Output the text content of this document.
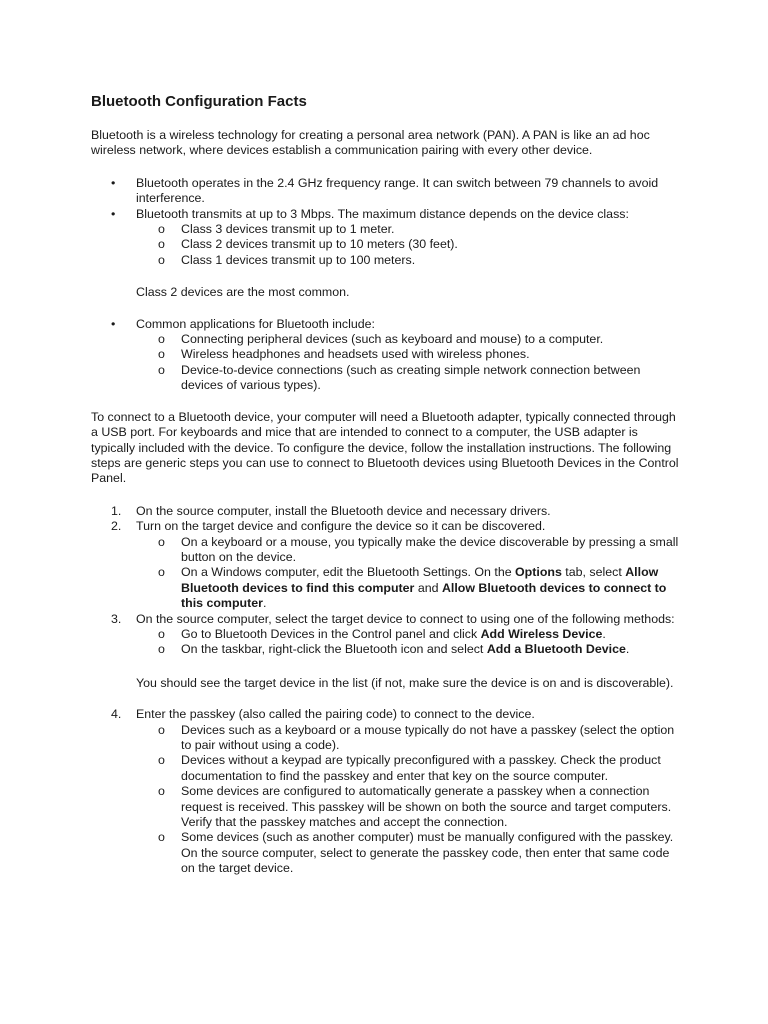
Bluetooth Configuration Facts

Bluetooth is a wireless technology for creating a personal area network (PAN). A PAN is like an ad hoc wireless network, where devices establish a communication pairing with every other device.

• Bluetooth operates in the 2.4 GHz frequency range. It can switch between 79 channels to avoid interference.
• Bluetooth transmits at up to 3 Mbps. The maximum distance depends on the device class:
o Class 3 devices transmit up to 1 meter.
o Class 2 devices transmit up to 10 meters (30 feet).
o Class 1 devices transmit up to 100 meters.

Class 2 devices are the most common.

• Common applications for Bluetooth include:
o Connecting peripheral devices (such as keyboard and mouse) to a computer.
o Wireless headphones and headsets used with wireless phones.
o Device-to-device connections (such as creating simple network connection between devices of various types).

To connect to a Bluetooth device, your computer will need a Bluetooth adapter, typically connected through a USB port. For keyboards and mice that are intended to connect to a computer, the USB adapter is typically included with the device. To configure the device, follow the installation instructions. The following steps are generic steps you can use to connect to Bluetooth devices using Bluetooth Devices in the Control Panel.

1. On the source computer, install the Bluetooth device and necessary drivers.
2. Turn on the target device and configure the device so it can be discovered.
o On a keyboard or a mouse, you typically make the device discoverable by pressing a small button on the device.
o On a Windows computer, edit the Bluetooth Settings. On the Options tab, select Allow Bluetooth devices to find this computer and Allow Bluetooth devices to connect to this computer.
3. On the source computer, select the target device to connect to using one of the following methods:
o Go to Bluetooth Devices in the Control panel and click Add Wireless Device.
o On the taskbar, right-click the Bluetooth icon and select Add a Bluetooth Device.

You should see the target device in the list (if not, make sure the device is on and is discoverable).

4. Enter the passkey (also called the pairing code) to connect to the device.
o Devices such as a keyboard or a mouse typically do not have a passkey (select the option to pair without using a code).
o Devices without a keypad are typically preconfigured with a passkey. Check the product documentation to find the passkey and enter that key on the source computer.
o Some devices are configured to automatically generate a passkey when a connection request is received. This passkey will be shown on both the source and target computers. Verify that the passkey matches and accept the connection.
o Some devices (such as another computer) must be manually configured with the passkey. On the source computer, select to generate the passkey code, then enter that same code on the target device.
